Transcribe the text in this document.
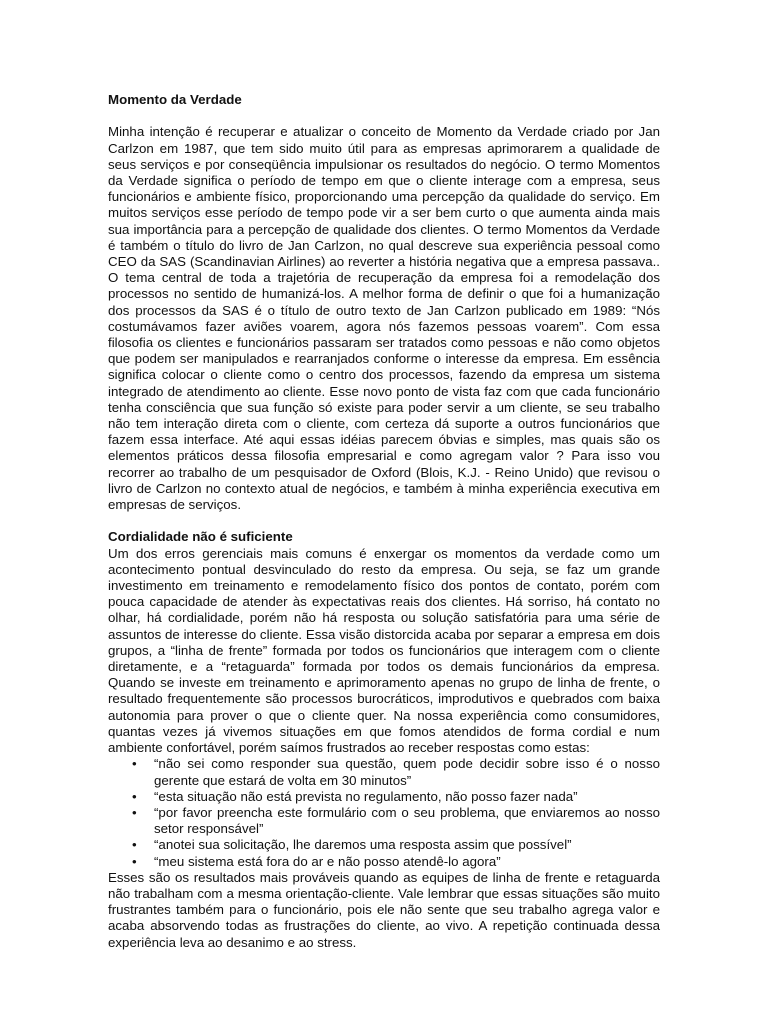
Momento da Verdade

Minha intenção é recuperar e atualizar o conceito de Momento da Verdade criado por Jan Carlzon em 1987, que tem sido muito útil para as empresas aprimorarem a qualidade de seus serviços e por conseqüência impulsionar os resultados do negócio. O termo Momentos da Verdade significa o período de tempo em que o cliente interage com a empresa, seus funcionários e ambiente físico, proporcionando uma percepção da qualidade do serviço. Em muitos serviços esse período de tempo pode vir a ser bem curto o que aumenta ainda mais sua importância para a percepção de qualidade dos clientes. O termo Momentos da Verdade é também o título do livro de Jan Carlzon, no qual descreve sua experiência pessoal como CEO da SAS (Scandinavian Airlines) ao reverter a história negativa que a empresa passava.. O tema central de toda a trajetória de recuperação da empresa foi a remodelação dos processos no sentido de humanizá-los. A melhor forma de definir o que foi a humanização dos processos da SAS é o título de outro texto de Jan Carlzon publicado em 1989: “Nós costumávamos fazer aviões voarem, agora nós fazemos pessoas voarem”. Com essa filosofia os clientes e funcionários passaram ser tratados como pessoas e não como objetos que podem ser manipulados e rearranjados conforme o interesse da empresa. Em essência significa colocar o cliente como o centro dos processos, fazendo da empresa um sistema integrado de atendimento ao cliente. Esse novo ponto de vista faz com que cada funcionário tenha consciência que sua função só existe para poder servir a um cliente, se seu trabalho não tem interação direta com o cliente, com certeza dá suporte a outros funcionários que fazem essa interface. Até aqui essas idéias parecem óbvias e simples, mas quais são os elementos práticos dessa filosofia empresarial e como agregam valor ? Para isso vou recorrer ao trabalho de um pesquisador de Oxford (Blois, K.J. - Reino Unido) que revisou o livro de Carlzon no contexto atual de negócios, e também à minha experiência executiva em empresas de serviços.

Cordialidade não é suficiente

Um dos erros gerenciais mais comuns é enxergar os momentos da verdade como um acontecimento pontual desvinculado do resto da empresa. Ou seja, se faz um grande investimento em treinamento e remodelamento físico dos pontos de contato, porém com pouca capacidade de atender às expectativas reais dos clientes. Há sorriso, há contato no olhar, há cordialidade, porém não há resposta ou solução satisfatória para uma série de assuntos de interesse do cliente. Essa visão distorcida acaba por separar a empresa em dois grupos, a “linha de frente” formada por todos os funcionários que interagem com o cliente diretamente, e a “retaguarda” formada por todos os demais funcionários da empresa. Quando se investe em treinamento e aprimoramento apenas no grupo de linha de frente, o resultado frequentemente são processos burocráticos, improdutivos e quebrados com baixa autonomia para prover o que o cliente quer. Na nossa experiência como consumidores, quantas vezes já vivemos situações em que fomos atendidos de forma cordial e num ambiente confortável, porém saímos frustrados ao receber respostas como estas:

• “não sei como responder sua questão, quem pode decidir sobre isso é o nosso gerente que estará de volta em 30 minutos”
• “esta situação não está prevista no regulamento, não posso fazer nada”
• “por favor preencha este formulário com o seu problema, que enviaremos ao nosso setor responsável”
• “anotei sua solicitação, lhe daremos uma resposta assim que possível”
• “meu sistema está fora do ar e não posso atendê-lo agora”

Esses são os resultados mais prováveis quando as equipes de linha de frente e retaguarda não trabalham com a mesma orientação-cliente. Vale lembrar que essas situações são muito frustrantes também para o funcionário, pois ele não sente que seu trabalho agrega valor e acaba absorvendo todas as frustrações do cliente, ao vivo. A repetição continuada dessa experiência leva ao desanimo e ao stress.
